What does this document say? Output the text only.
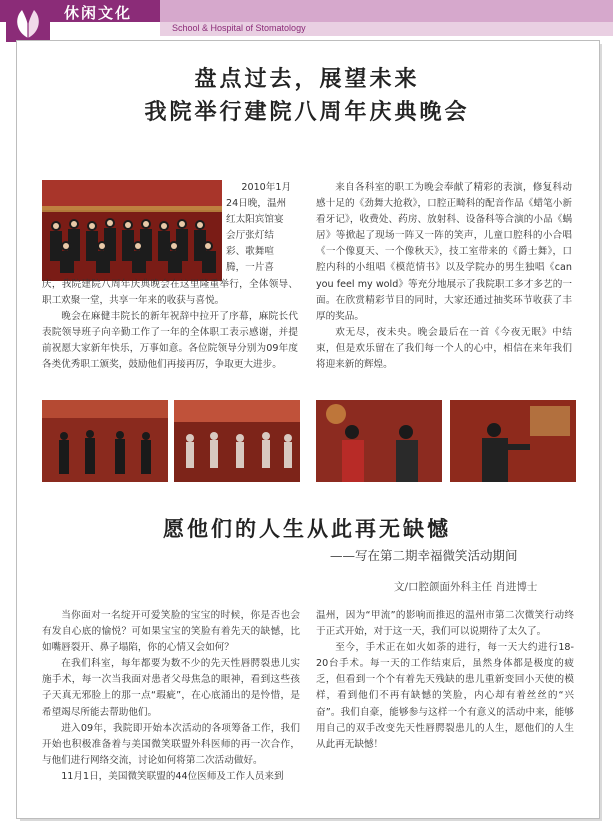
休闲文化
School & Hospital of Stomatology
盘点过去，展望未来
我院举行建院八周年庆典晚会
2010年1月
24日晚，温州
红太阳宾馆宴
会厅张灯结
彩、歌舞喧
腾，一片喜
庆，我院建院八周年庆典晚会在这里隆重举行，全体领导、职工欢聚一堂，共享一年来的收获与喜悦。

晚会在麻健丰院长的新年祝辞中拉开了序幕，麻院长代表院领导班子向辛勤工作了一年的全体职工表示感谢，并提前祝愿大家新年快乐，万事如意。各位院领导分别为09年度各类优秀职工颁奖，鼓励他们再接再厉，争取更大进步。

来自各科室的职工为晚会奉献了精彩的表演，修复科动感十足的《劲舞大抢救》，口腔正畸科的配音作品《蜡笔小新看牙记》，收费处、药房、放射科、设备科等合演的小品《蜗居》等掀起了现场一阵又一阵的笑声，儿童口腔科的小合唱《一个像夏天、一个像秋天》，技工室带来的《爵士舞》，口腔内科的小组唱《模范情书》以及学院办的男生独唱《can you feel my wold》等充分地展示了我院职工多才多艺的一面。在欣赏精彩节目的同时，大家还通过抽奖环节收获了丰厚的奖品。

欢无尽，夜未央。晚会最后在一首《今夜无眠》中结束，但是欢乐留在了我们每一个人的心中，相信在来年我们将迎来新的辉煌。

愿他们的人生从此再无缺憾
——写在第二期幸福微笑活动期间
文/口腔颌面外科主任 肖进博士

当你面对一名绽开可爱笑脸的宝宝的时候，你是否也会有发自心底的愉悦？可如果宝宝的笑脸有着先天的缺憾，比如嘴唇裂开、鼻子塌陷，你的心情又会如何？

在我们科室，每年都要为数不少的先天性唇腭裂患儿实施手术，每一次当我面对患者父母焦急的眼神，看到这些孩子天真无邪脸上的那一点“瑕疵”，在心底涌出的是怜惜，是希望竭尽所能去帮助他们。

进入09年，我院即开始本次活动的各项筹备工作，我们开始也积极准备着与美国微笑联盟外科医师的再一次合作，与他们进行网络交流，讨论如何将第二次活动做好。

11月1日，美国微笑联盟的44位医师及工作人员来到

温州，因为“甲流”的影响而推迟的温州市第二次微笑行动终于正式开始，对于这一天，我们可以说期待了太久了。

至今，手术正在如火如荼的进行，每一天大约进行18-20台手术。每一天的工作结束后，虽然身体都是极度的疲乏，但看到一个个有着先天残缺的患儿重新变回小天使的模样，看到他们不再有缺憾的笑脸，内心却有着丝丝的“兴奋”。我们自豪，能够参与这样一个有意义的活动中来，能够用自己的双手改变先天性唇腭裂患儿的人生，愿他们的人生从此再无缺憾！
